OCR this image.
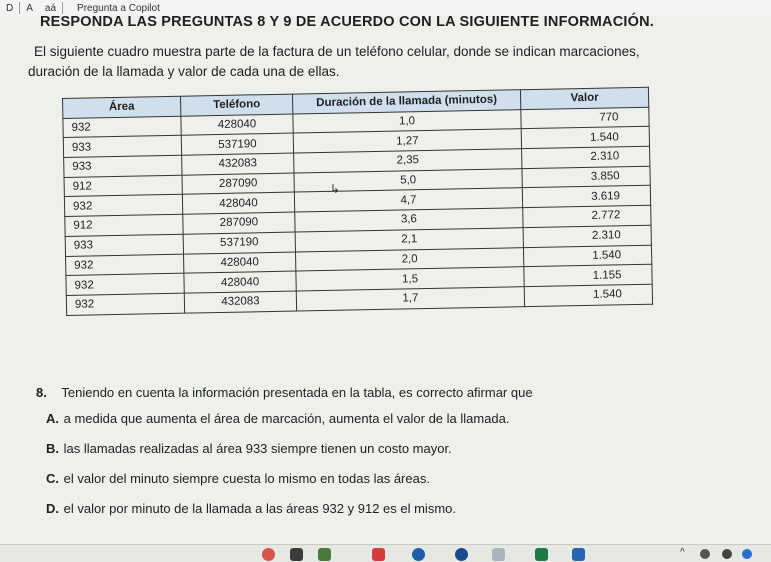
D	A	aá	Pregunta a Copilot
RESPONDA LAS PREGUNTAS 8 Y 9 DE ACUERDO CON LA SIGUIENTE INFORMACIÓN.
El siguiente cuadro muestra parte de la factura de un teléfono celular, donde se indican marcaciones,
duración de la llamada y valor de cada una de ellas.
Área	Teléfono	Duración de la llamada (minutos)	Valor
932	428040	1,0	770
933	537190	1,27	1.540
933	432083	2,35	2.310
912	287090	5,0	3.850
932	428040	4,7	3.619
912	287090	3,6	2.772
933	537190	2,1	2.310
932	428040	2,0	1.540
932	428040	1,5	1.155
932	432083	1,7	1.540
↳
8. Teniendo en cuenta la información presentada en la tabla, es correcto afirmar que
A. a medida que aumenta el área de marcación, aumenta el valor de la llamada.
B. las llamadas realizadas al área 933 siempre tienen un costo mayor.
C. el valor del minuto siempre cuesta lo mismo en todas las áreas.
D. el valor por minuto de la llamada a las áreas 932 y 912 es el mismo.
^
